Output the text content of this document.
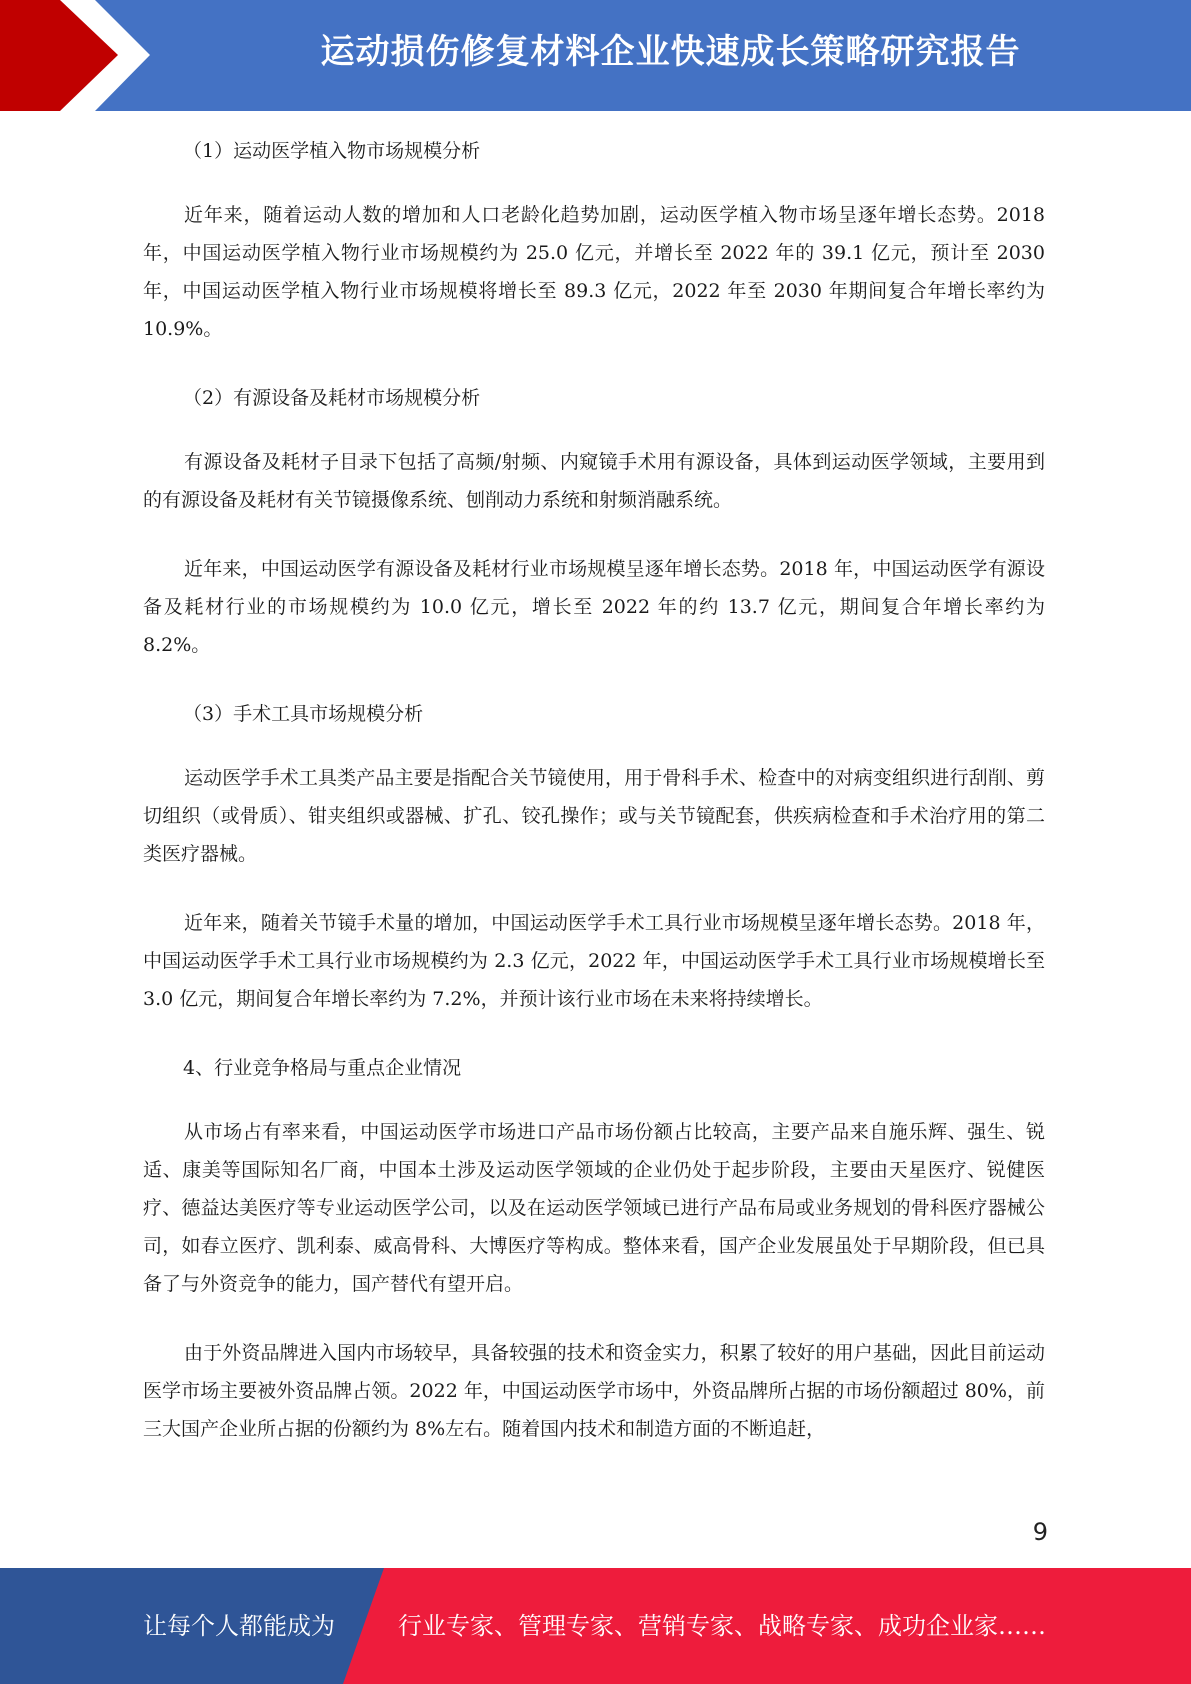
运动损伤修复材料企业快速成长策略研究报告
（1）运动医学植入物市场规模分析

近年来，随着运动人数的增加和人口老龄化趋势加剧，运动医学植入物市场呈逐年增长态势。2018 年，中国运动医学植入物行业市场规模约为 25.0 亿元，并增长至 2022 年的 39.1 亿元，预计至 2030 年，中国运动医学植入物行业市场规模将增长至 89.3 亿元，2022 年至 2030 年期间复合年增长率约为 10.9%。

（2）有源设备及耗材市场规模分析

有源设备及耗材子目录下包括了高频/射频、内窥镜手术用有源设备，具体到运动医学领域，主要用到的有源设备及耗材有关节镜摄像系统、刨削动力系统和射频消融系统。

近年来，中国运动医学有源设备及耗材行业市场规模呈逐年增长态势。2018 年，中国运动医学有源设备及耗材行业的市场规模约为 10.0 亿元，增长至 2022 年的约 13.7 亿元，期间复合年增长率约为 8.2%。

（3）手术工具市场规模分析

运动医学手术工具类产品主要是指配合关节镜使用，用于骨科手术、检查中的对病变组织进行刮削、剪切组织（或骨质）、钳夹组织或器械、扩孔、铰孔操作；或与关节镜配套，供疾病检查和手术治疗用的第二类医疗器械。

近年来，随着关节镜手术量的增加，中国运动医学手术工具行业市场规模呈逐年增长态势。2018 年，中国运动医学手术工具行业市场规模约为 2.3 亿元，2022 年，中国运动医学手术工具行业市场规模增长至 3.0 亿元，期间复合年增长率约为 7.2%，并预计该行业市场在未来将持续增长。

4、行业竞争格局与重点企业情况

从市场占有率来看，中国运动医学市场进口产品市场份额占比较高，主要产品来自施乐辉、强生、锐适、康美等国际知名厂商，中国本土涉及运动医学领域的企业仍处于起步阶段，主要由天星医疗、锐健医疗、德益达美医疗等专业运动医学公司，以及在运动医学领域已进行产品布局或业务规划的骨科医疗器械公司，如春立医疗、凯利泰、威高骨科、大博医疗等构成。整体来看，国产企业发展虽处于早期阶段，但已具备了与外资竞争的能力，国产替代有望开启。

由于外资品牌进入国内市场较早，具备较强的技术和资金实力，积累了较好的用户基础，因此目前运动医学市场主要被外资品牌占领。2022 年，中国运动医学市场中，外资品牌所占据的市场份额超过 80%，前三大国产企业所占据的份额约为 8%左右。随着国内技术和制造方面的不断追赶，

9
让每个人都能成为	行业专家、管理专家、营销专家、战略专家、成功企业家……
